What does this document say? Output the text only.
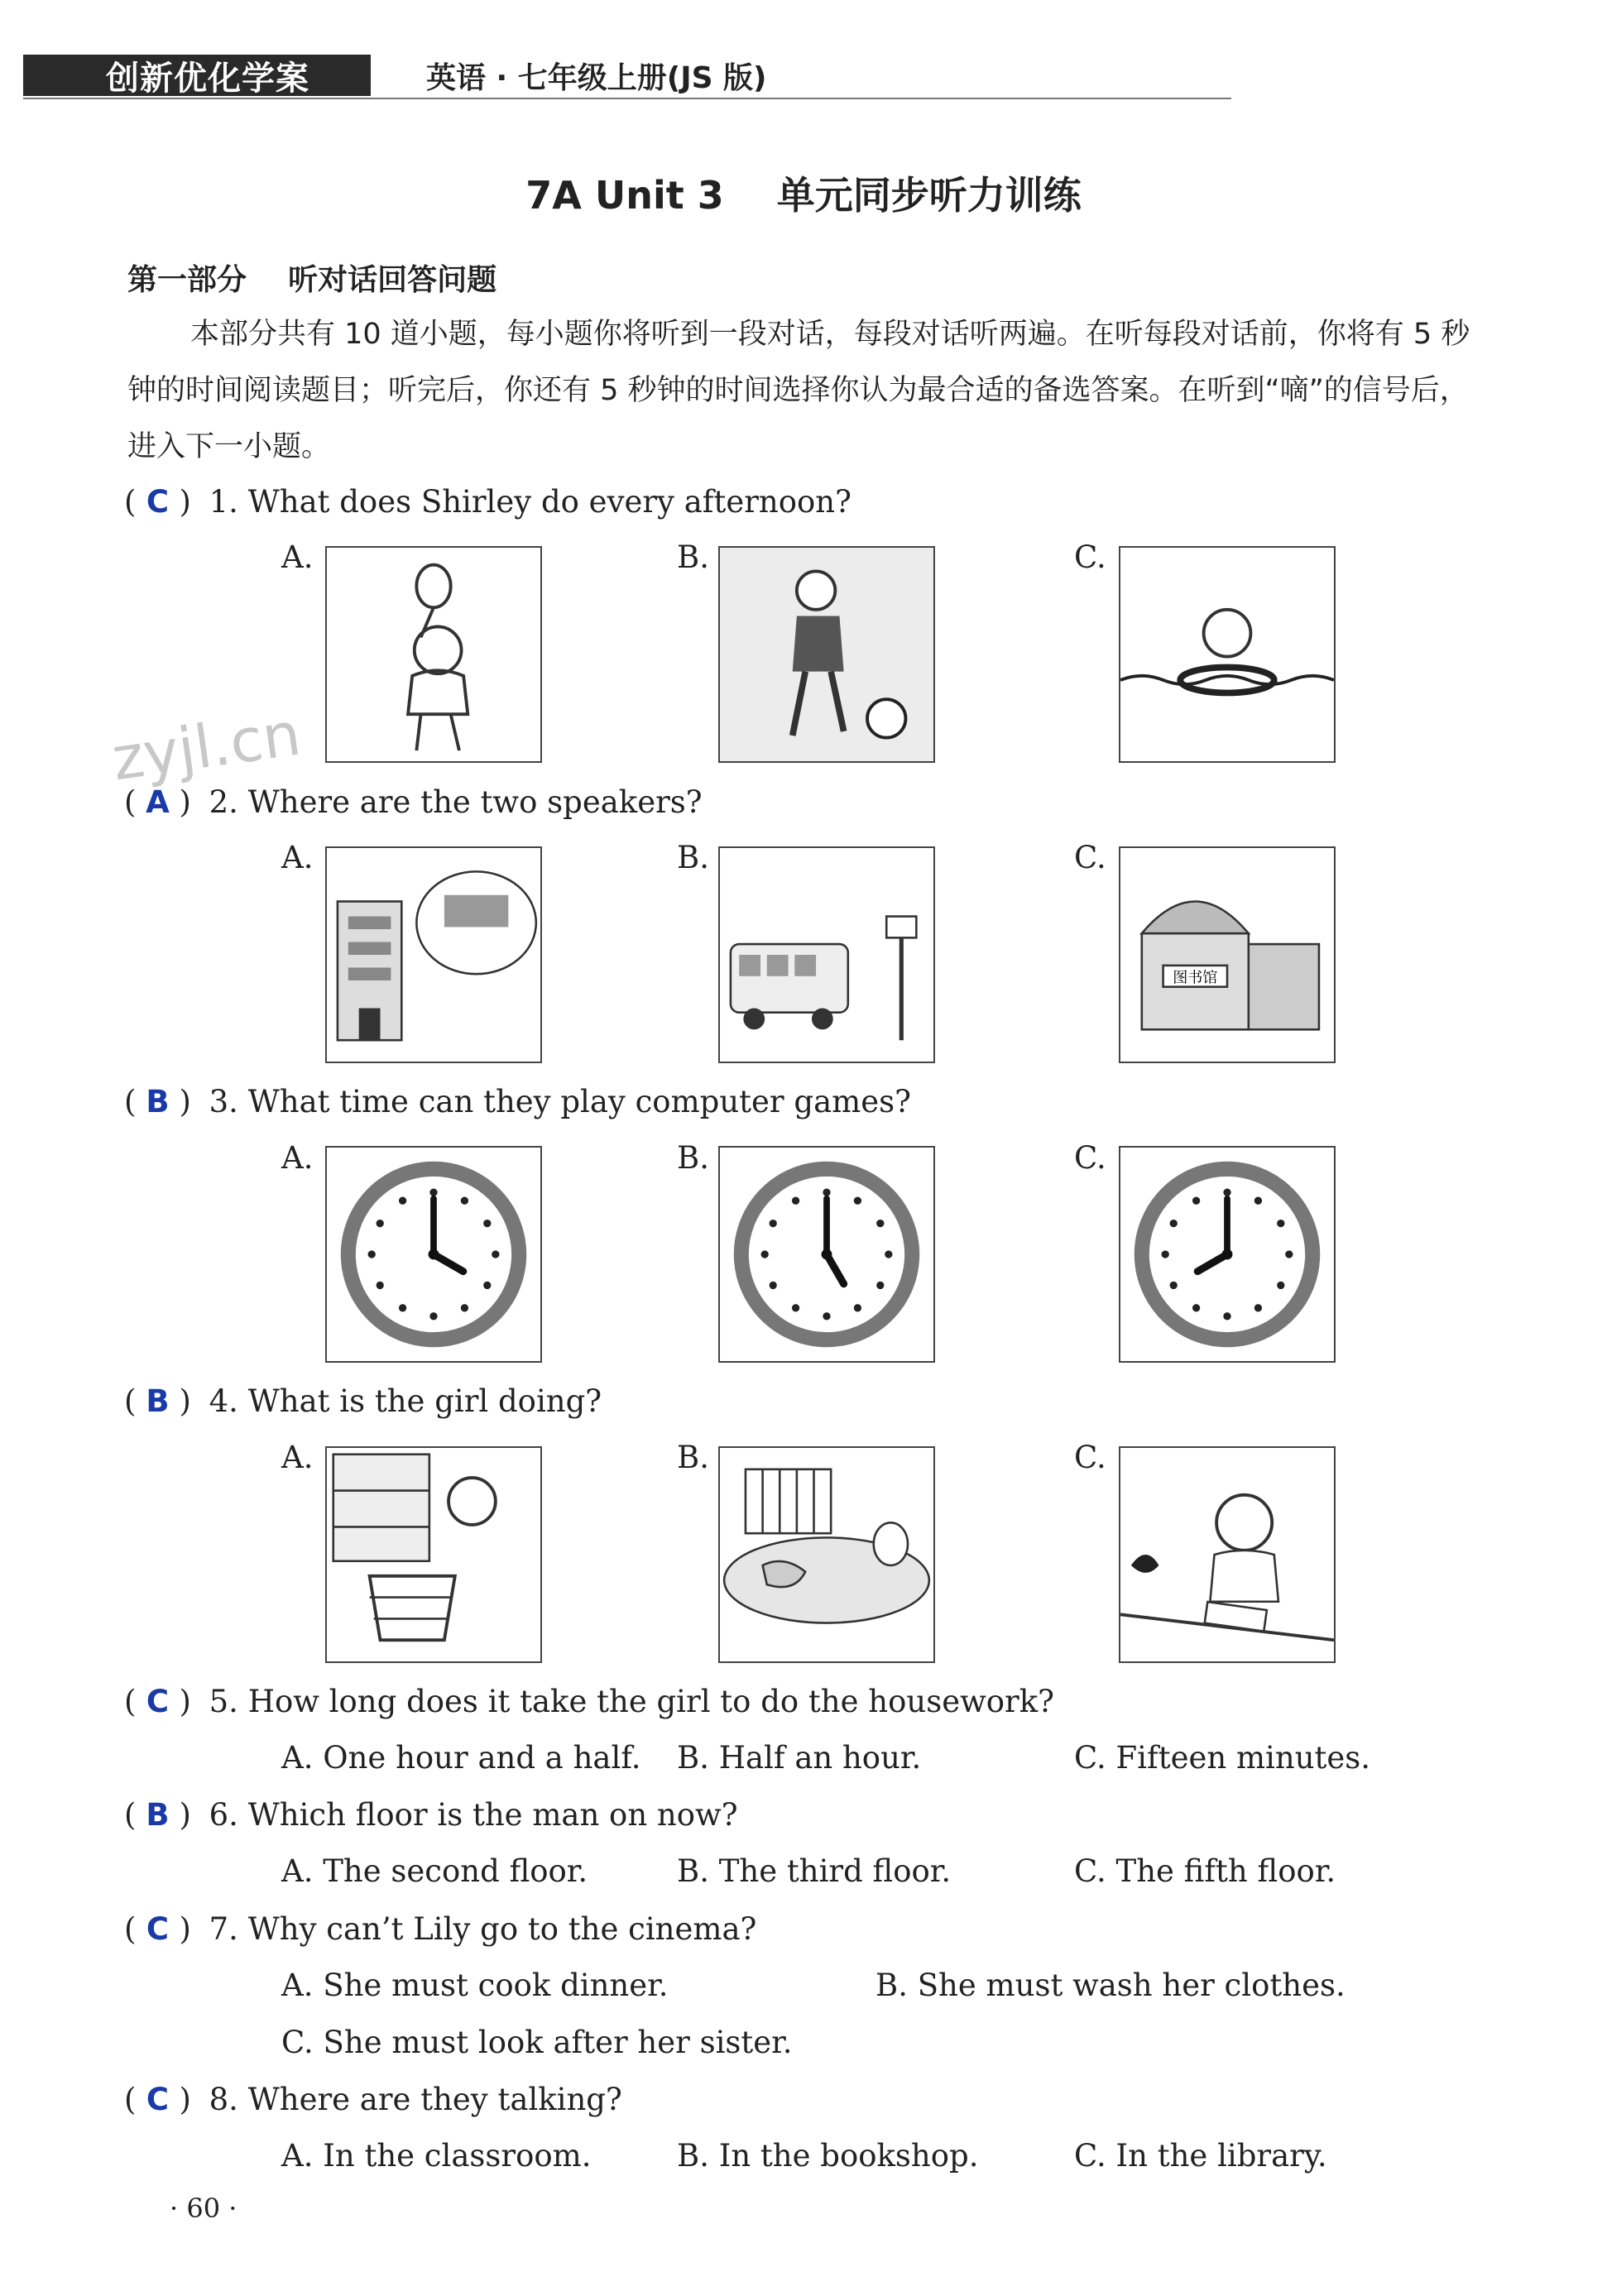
创新优化学案	英语 · 七年级上册(JS 版)
7A Unit 3    单元同步听力训练
第一部分    听对话回答问题
本部分共有 10 道小题，每小题你将听到一段对话，每段对话听两遍。在听每段对话前，你将有 5 秒钟的时间阅读题目；听完后，你还有 5 秒钟的时间选择你认为最合适的备选答案。在听到“嘀”的信号后，进入下一小题。
zyjl.cn
( C ) 1. What does Shirley do every afternoon?
A.	B.	C.
( A ) 2. Where are the two speakers?
A.	B.	C.
图书馆
( B ) 3. What time can they play computer games?
A.	B.	C.
( B ) 4. What is the girl doing?
A.	B.	C.
( C ) 5. How long does it take the girl to do the housework?
A. One hour and a half. B. Half an hour.	C. Fifteen minutes.
( B ) 6. Which floor is the man on now?
A. The second floor.	B. The third floor.	C. The fifth floor.
( C ) 7. Why can’t Lily go to the cinema?
A. She must cook dinner.	B. She must wash her clothes.
C. She must look after her sister.
( C ) 8. Where are they talking?
A. In the classroom.	B. In the bookshop.	C. In the library.
· 60 ·
